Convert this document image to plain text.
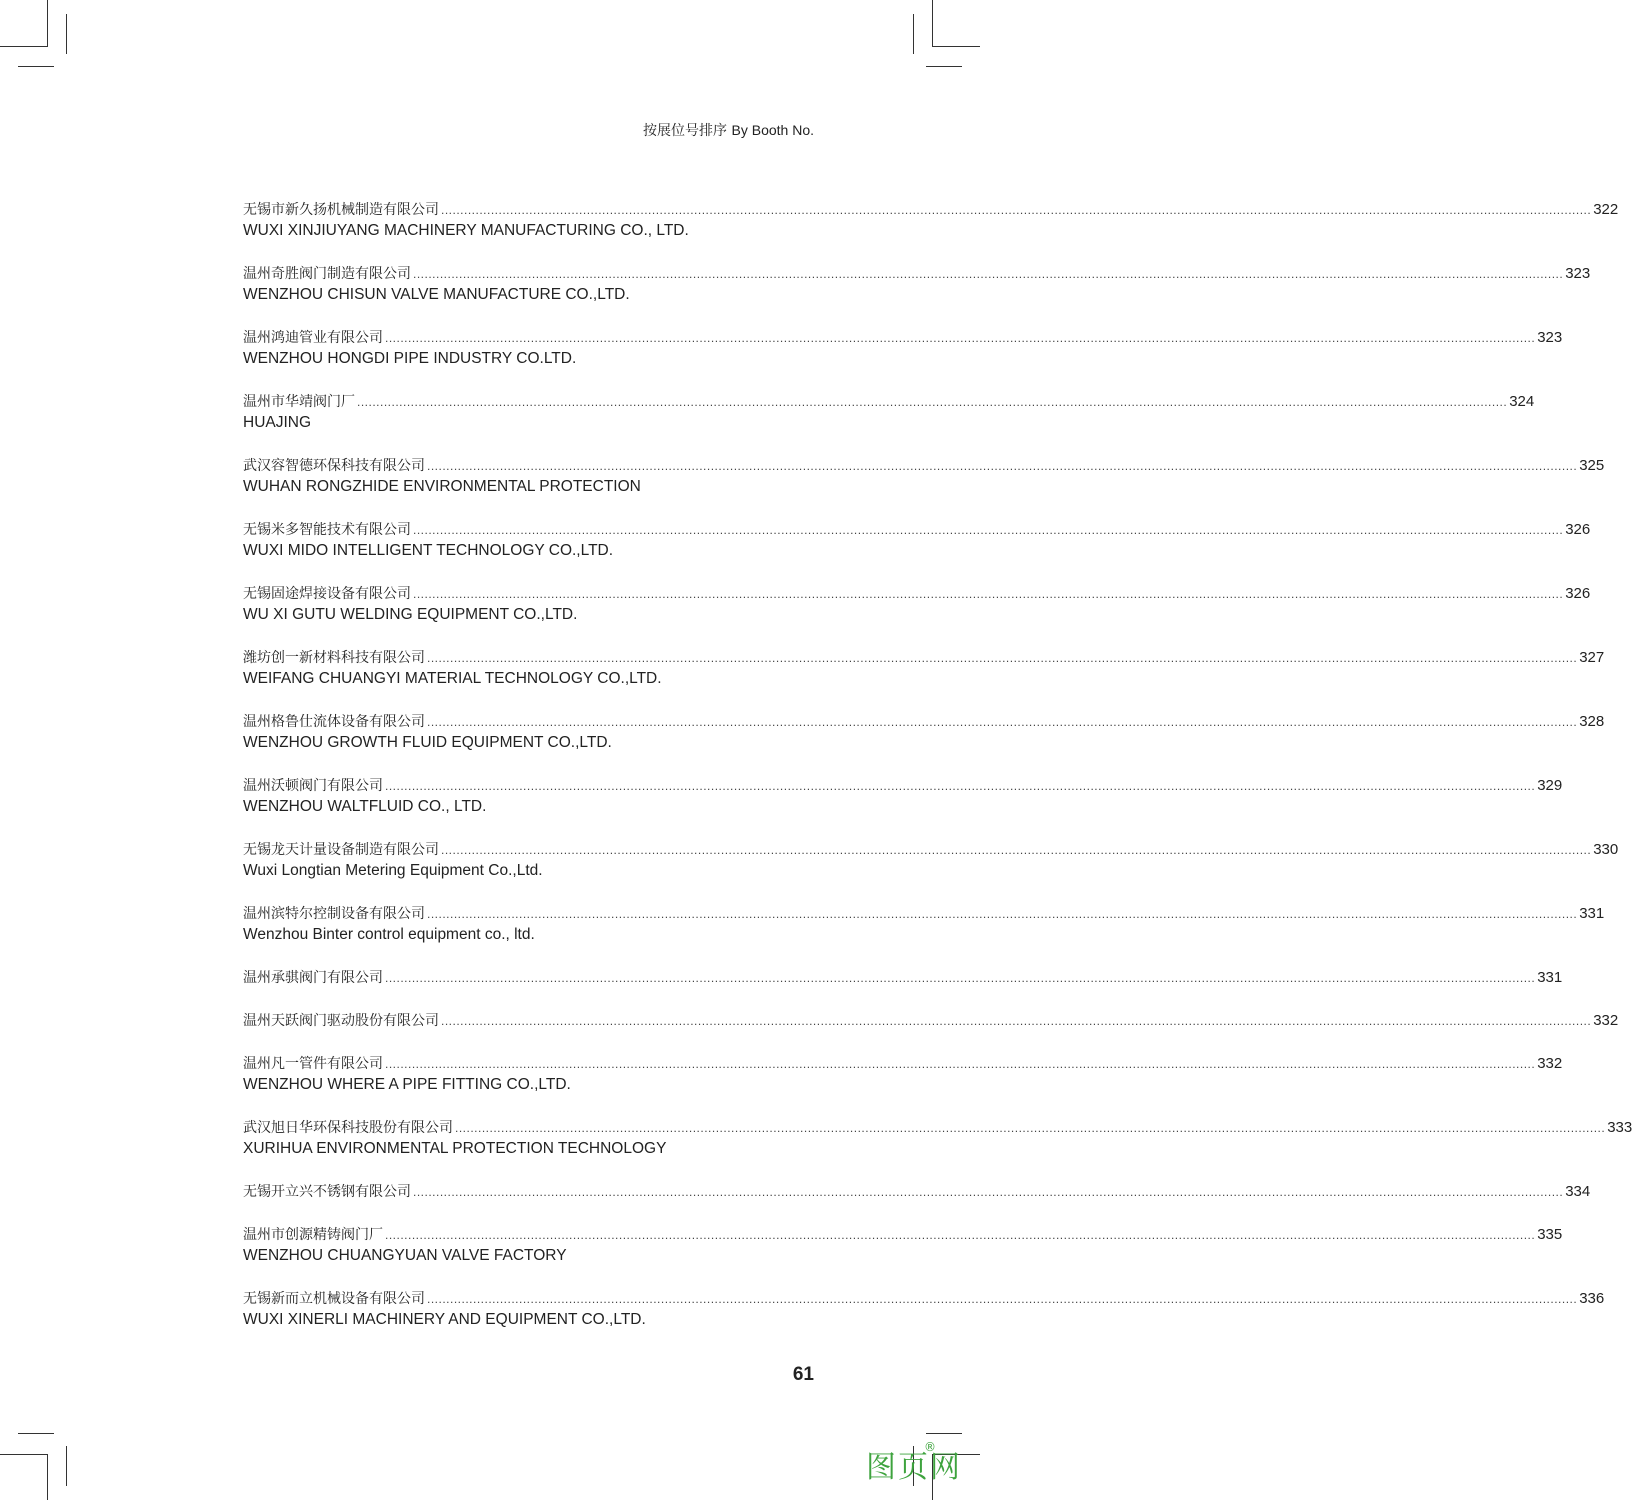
按展位号排序 By Booth No.
无锡市新久扬机械制造有限公司 ............................................................................................................................................................................................................................................................................................................ 322
WUXI XINJIUYANG MACHINERY MANUFACTURING CO., LTD.
温州奇胜阀门制造有限公司 ............................................................................................................................................................................................................................................................................................................ 323
WENZHOU CHISUN VALVE MANUFACTURE CO.,LTD.
温州鸿迪管业有限公司 ............................................................................................................................................................................................................................................................................................................ 323
WENZHOU HONGDI PIPE INDUSTRY CO.LTD.
温州市华靖阀门厂 ............................................................................................................................................................................................................................................................................................................ 324
HUAJING
武汉容智德环保科技有限公司 ............................................................................................................................................................................................................................................................................................................ 325
WUHAN RONGZHIDE ENVIRONMENTAL PROTECTION
无锡米多智能技术有限公司 ............................................................................................................................................................................................................................................................................................................ 326
WUXI MIDO INTELLIGENT TECHNOLOGY CO.,LTD.
无锡固途焊接设备有限公司 ............................................................................................................................................................................................................................................................................................................ 326
WU XI GUTU WELDING EQUIPMENT CO.,LTD.
潍坊创一新材料科技有限公司 ............................................................................................................................................................................................................................................................................................................ 327
WEIFANG CHUANGYI MATERIAL TECHNOLOGY CO.,LTD.
温州格鲁仕流体设备有限公司 ............................................................................................................................................................................................................................................................................................................ 328
WENZHOU GROWTH FLUID EQUIPMENT CO.,LTD.
温州沃顿阀门有限公司 ............................................................................................................................................................................................................................................................................................................ 329
WENZHOU WALTFLUID CO., LTD.
无锡龙天计量设备制造有限公司 ............................................................................................................................................................................................................................................................................................................ 330
Wuxi Longtian Metering Equipment Co.,Ltd.
温州滨特尔控制设备有限公司 ............................................................................................................................................................................................................................................................................................................ 331
Wenzhou Binter control equipment co., ltd.
温州承骐阀门有限公司 ............................................................................................................................................................................................................................................................................................................ 331
温州天跃阀门驱动股份有限公司 ............................................................................................................................................................................................................................................................................................................ 332
温州凡一管件有限公司 ............................................................................................................................................................................................................................................................................................................ 332
WENZHOU WHERE A PIPE FITTING CO.,LTD.
武汉旭日华环保科技股份有限公司 ............................................................................................................................................................................................................................................................................................................ 333
XURIHUA ENVIRONMENTAL PROTECTION TECHNOLOGY
无锡开立兴不锈钢有限公司 ............................................................................................................................................................................................................................................................................................................ 334
温州市创源精铸阀门厂 ............................................................................................................................................................................................................................................................................................................ 335
WENZHOU CHUANGYUAN VALVE FACTORY
无锡新而立机械设备有限公司 ............................................................................................................................................................................................................................................................................................................ 336
WUXI XINERLI MACHINERY AND EQUIPMENT CO.,LTD.
61
®
图页网
